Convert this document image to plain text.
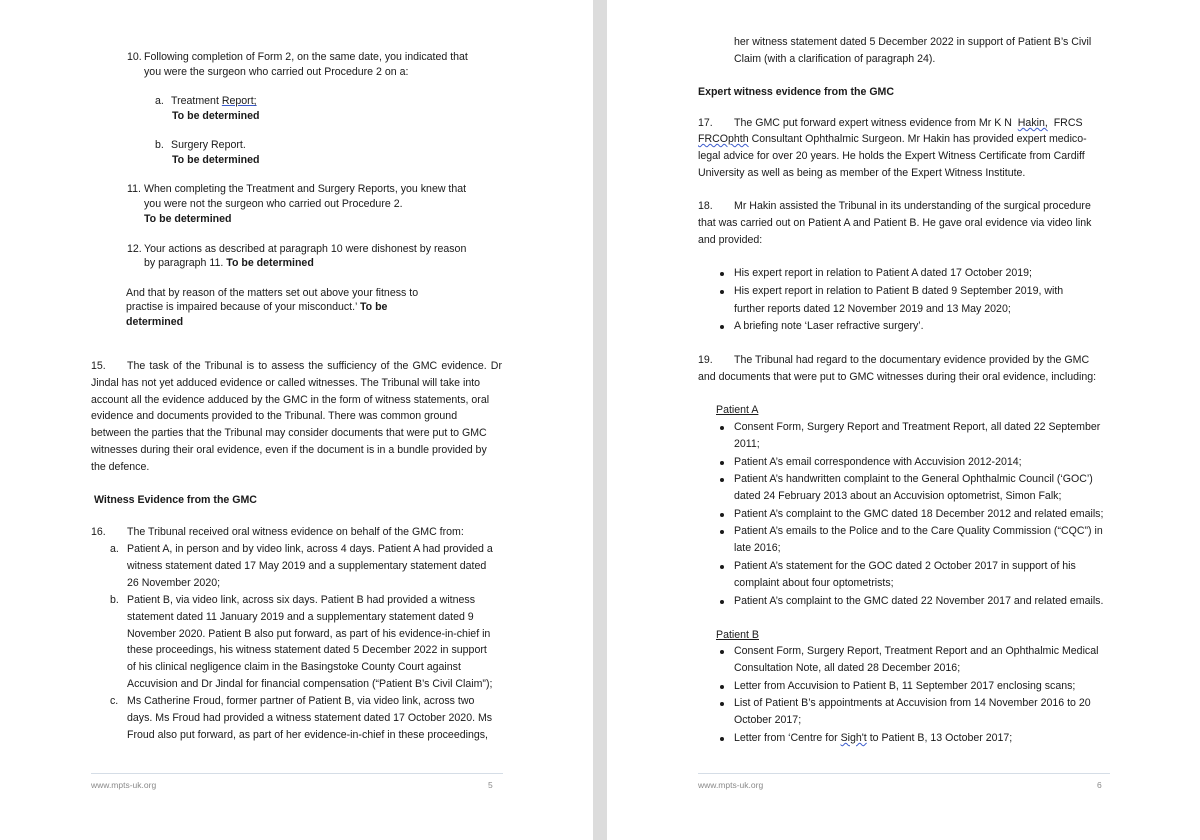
10. Following completion of Form 2, on the same date, you indicated that
you were the surgeon who carried out Procedure 2 on a:
a. Treatment Report;
To be determined
b. Surgery Report.
To be determined
11. When completing the Treatment and Surgery Reports, you knew that
you were not the surgeon who carried out Procedure 2.
To be determined
12. Your actions as described at paragraph 10 were dishonest by reason
by paragraph 11. To be determined
And that by reason of the matters set out above your fitness to
practise is impaired because of your misconduct.’ To be
determined
15. The task of the Tribunal is to assess the sufficiency of the GMC evidence. Dr
Jindal has not yet adduced evidence or called witnesses. The Tribunal will take into
account all the evidence adduced by the GMC in the form of witness statements, oral
evidence and documents provided to the Tribunal. There was common ground
between the parties that the Tribunal may consider documents that were put to GMC
witnesses during their oral evidence, even if the document is in a bundle provided by
the defence.
Witness Evidence from the GMC
16. The Tribunal received oral witness evidence on behalf of the GMC from:
a. Patient A, in person and by video link, across 4 days. Patient A had provided a
witness statement dated 17 May 2019 and a supplementary statement dated
26 November 2020;
b. Patient B, via video link, across six days. Patient B had provided a witness
statement dated 11 January 2019 and a supplementary statement dated 9
November 2020. Patient B also put forward, as part of his evidence-in-chief in
these proceedings, his witness statement dated 5 December 2022 in support
of his clinical negligence claim in the Basingstoke County Court against
Accuvision and Dr Jindal for financial compensation (“Patient B’s Civil Claim”);
c. Ms Catherine Froud, former partner of Patient B, via video link, across two
days. Ms Froud had provided a witness statement dated 17 October 2020. Ms
Froud also put forward, as part of her evidence-in-chief in these proceedings,
www.mpts-uk.org	5
her witness statement dated 5 December 2022 in support of Patient B’s Civil
Claim (with a clarification of paragraph 24).
Expert witness evidence from the GMC
17. The GMC put forward expert witness evidence from Mr K N Hakin, FRCS
FRCOphth Consultant Ophthalmic Surgeon. Mr Hakin has provided expert medico-
legal advice for over 20 years. He holds the Expert Witness Certificate from Cardiff
University as well as being as member of the Expert Witness Institute.
18. Mr Hakin assisted the Tribunal in its understanding of the surgical procedure
that was carried out on Patient A and Patient B. He gave oral evidence via video link
and provided:
His expert report in relation to Patient A dated 17 October 2019;
His expert report in relation to Patient B dated 9 September 2019, with
further reports dated 12 November 2019 and 13 May 2020;
A briefing note ‘Laser refractive surgery’.
19. The Tribunal had regard to the documentary evidence provided by the GMC
and documents that were put to GMC witnesses during their oral evidence, including:
Patient A
Consent Form, Surgery Report and Treatment Report, all dated 22 September
2011;
Patient A’s email correspondence with Accuvision 2012-2014;
Patient A’s handwritten complaint to the General Ophthalmic Council (‘GOC’)
dated 24 February 2013 about an Accuvision optometrist, Simon Falk;
Patient A’s complaint to the GMC dated 18 December 2012 and related emails;
Patient A’s emails to the Police and to the Care Quality Commission (“CQC”) in
late 2016;
Patient A’s statement for the GOC dated 2 October 2017 in support of his
complaint about four optometrists;
Patient A’s complaint to the GMC dated 22 November 2017 and related emails.
Patient B
Consent Form, Surgery Report, Treatment Report and an Ophthalmic Medical
Consultation Note, all dated 28 December 2016;
Letter from Accuvision to Patient B, 11 September 2017 enclosing scans;
List of Patient B’s appointments at Accuvision from 14 November 2016 to 20
October 2017;
Letter from ‘Centre for Sigh't to Patient B, 13 October 2017;
www.mpts-uk.org	6
